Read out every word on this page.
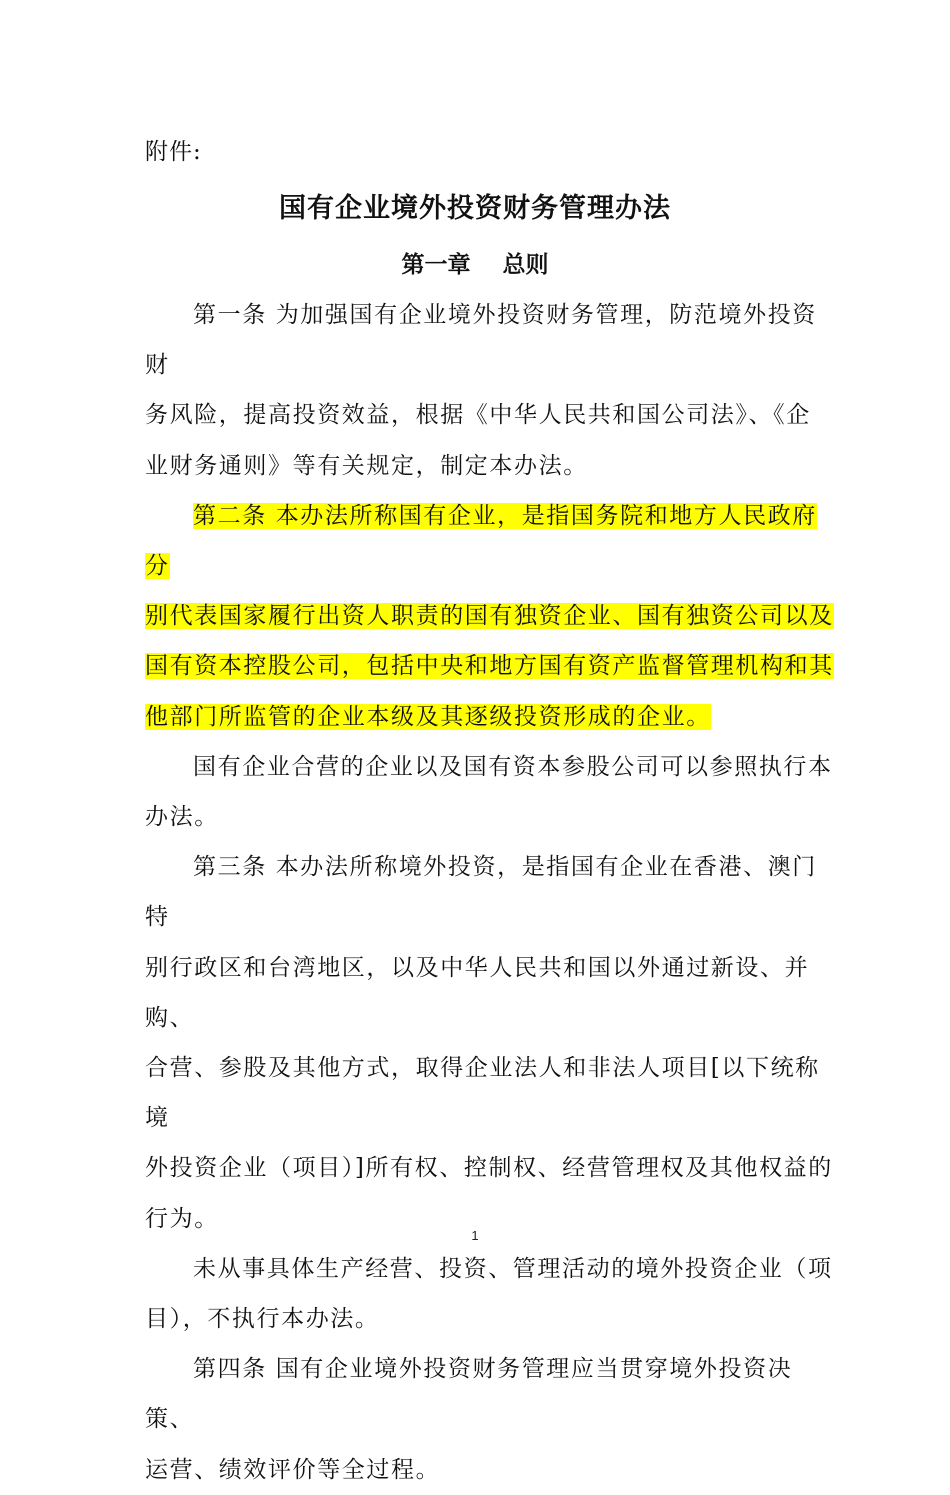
附件:
国有企业境外投资财务管理办法
第一章    总则

第一条 为加强国有企业境外投资财务管理，防范境外投资财
务风险，提高投资效益，根据《中华人民共和国公司法》、《企
业财务通则》等有关规定，制定本办法。

第二条 本办法所称国有企业，是指国务院和地方人民政府分
别代表国家履行出资人职责的国有独资企业、国有独资公司以及
国有资本控股公司，包括中央和地方国有资产监督管理机构和其
他部门所监管的企业本级及其逐级投资形成的企业。

国有企业合营的企业以及国有资本参股公司可以参照执行本
办法。

第三条 本办法所称境外投资，是指国有企业在香港、澳门特
别行政区和台湾地区，以及中华人民共和国以外通过新设、并购、
合营、参股及其他方式，取得企业法人和非法人项目[以下统称境
外投资企业（项目）]所有权、控制权、经营管理权及其他权益的
行为。

未从事具体生产经营、投资、管理活动的境外投资企业（项
目），不执行本办法。

第四条 国有企业境外投资财务管理应当贯穿境外投资决策、
运营、绩效评价等全过程。

1
